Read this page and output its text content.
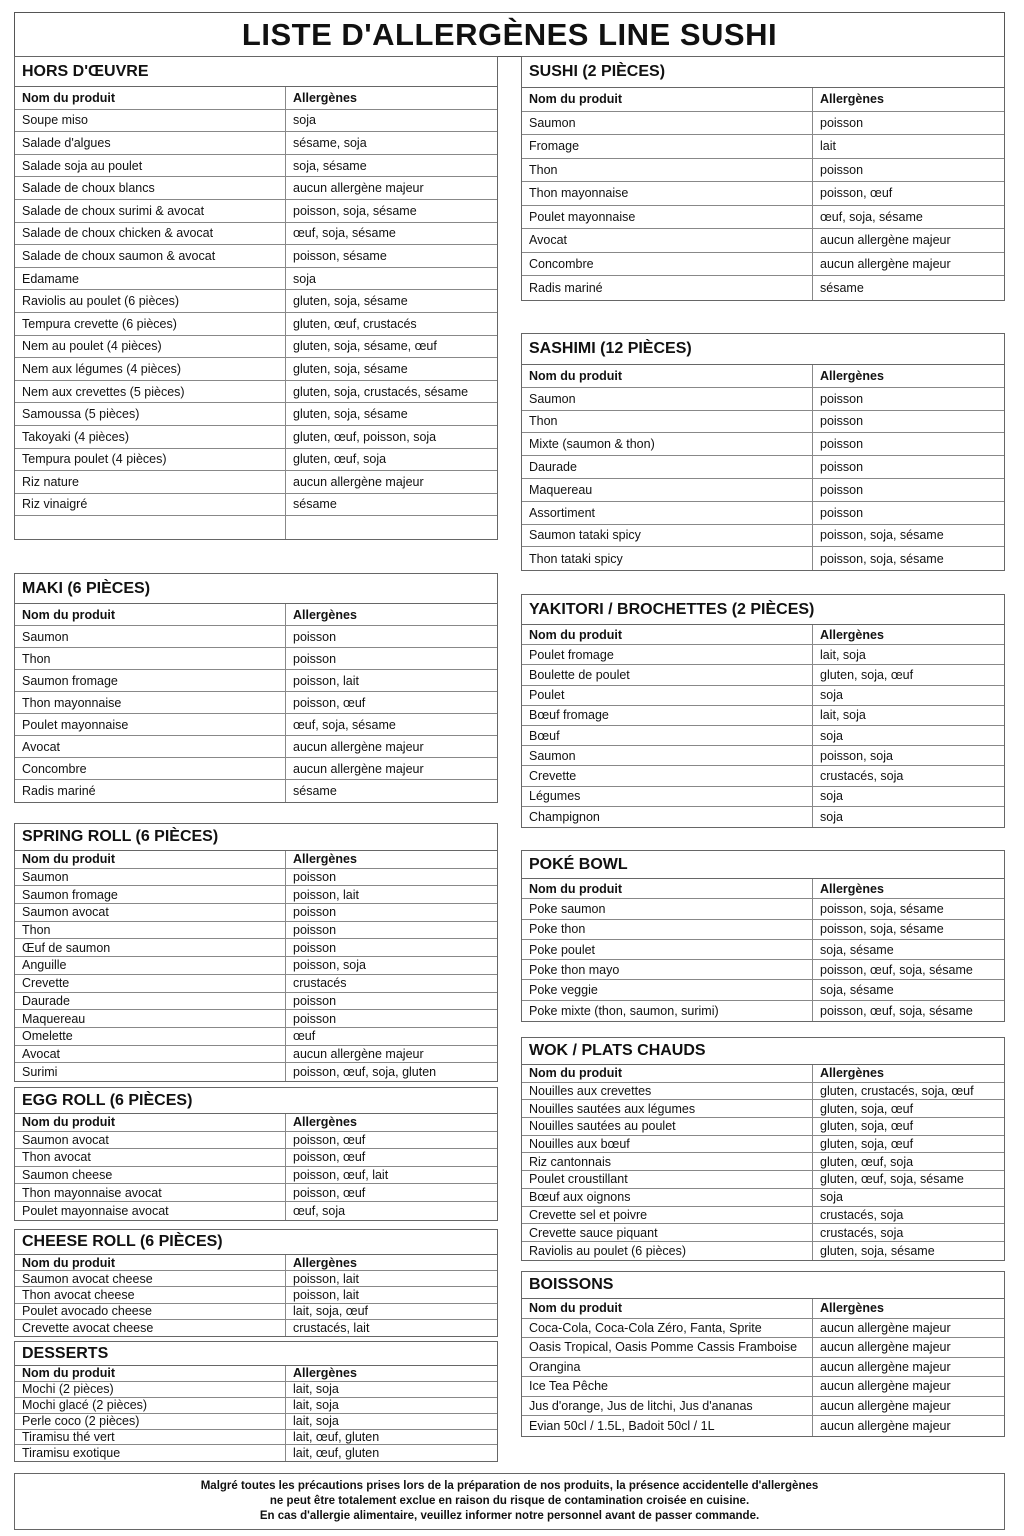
LISTE D'ALLERGÈNES LINE SUSHI
HORS D'ŒUVRE
Nom du produit	Allergènes
Soupe miso	soja
Salade d'algues	sésame, soja
Salade soja au poulet	soja, sésame
Salade de choux blancs	aucun allergène majeur
Salade de choux surimi & avocat	poisson, soja, sésame
Salade de choux chicken & avocat	œuf, soja, sésame
Salade de choux saumon & avocat	poisson, sésame
Edamame	soja
Raviolis au poulet (6 pièces)	gluten, soja, sésame
Tempura crevette (6 pièces)	gluten, œuf, crustacés
Nem au poulet (4 pièces)	gluten, soja, sésame, œuf
Nem aux légumes (4 pièces)	gluten, soja, sésame
Nem aux crevettes (5 pièces)	gluten, soja, crustacés, sésame
Samoussa (5 pièces)	gluten, soja, sésame
Takoyaki (4 pièces)	gluten, œuf, poisson, soja
Tempura poulet (4 pièces)	gluten, œuf, soja
Riz nature	aucun allergène majeur
Riz vinaigré	sésame
MAKI (6 PIÈCES)
Nom du produit	Allergènes
Saumon	poisson
Thon	poisson
Saumon fromage	poisson, lait
Thon mayonnaise	poisson, œuf
Poulet mayonnaise	œuf, soja, sésame
Avocat	aucun allergène majeur
Concombre	aucun allergène majeur
Radis mariné	sésame
SPRING ROLL (6 PIÈCES)
Nom du produit	Allergènes
Saumon	poisson
Saumon fromage	poisson, lait
Saumon avocat	poisson
Thon	poisson
Œuf de saumon	poisson
Anguille	poisson, soja
Crevette	crustacés
Daurade	poisson
Maquereau	poisson
Omelette	œuf
Avocat	aucun allergène majeur
Surimi	poisson, œuf, soja, gluten
EGG ROLL (6 PIÈCES)
Nom du produit	Allergènes
Saumon avocat	poisson, œuf
Thon avocat	poisson, œuf
Saumon cheese	poisson, œuf, lait
Thon mayonnaise avocat	poisson, œuf
Poulet mayonnaise avocat	œuf, soja
CHEESE ROLL (6 PIÈCES)
Nom du produit	Allergènes
Saumon avocat cheese	poisson, lait
Thon avocat cheese	poisson, lait
Poulet avocado cheese	lait, soja, œuf
Crevette avocat cheese	crustacés, lait
DESSERTS
Nom du produit	Allergènes
Mochi (2 pièces)	lait, soja
Mochi glacé (2 pièces)	lait, soja
Perle coco (2 pièces)	lait, soja
Tiramisu thé vert	lait, œuf, gluten
Tiramisu exotique	lait, œuf, gluten
SUSHI (2 PIÈCES)
Nom du produit	Allergènes
Saumon	poisson
Fromage	lait
Thon	poisson
Thon mayonnaise	poisson, œuf
Poulet mayonnaise	œuf, soja, sésame
Avocat	aucun allergène majeur
Concombre	aucun allergène majeur
Radis mariné	sésame
SASHIMI (12 PIÈCES)
Nom du produit	Allergènes
Saumon	poisson
Thon	poisson
Mixte (saumon & thon)	poisson
Daurade	poisson
Maquereau	poisson
Assortiment	poisson
Saumon tataki spicy	poisson, soja, sésame
Thon tataki spicy	poisson, soja, sésame
YAKITORI / BROCHETTES (2 PIÈCES)
Nom du produit	Allergènes
Poulet fromage	lait, soja
Boulette de poulet	gluten, soja, œuf
Poulet	soja
Bœuf fromage	lait, soja
Bœuf	soja
Saumon	poisson, soja
Crevette	crustacés, soja
Légumes	soja
Champignon	soja
POKÉ BOWL
Nom du produit	Allergènes
Poke saumon	poisson, soja, sésame
Poke thon	poisson, soja, sésame
Poke poulet	soja, sésame
Poke thon mayo	poisson, œuf, soja, sésame
Poke veggie	soja, sésame
Poke mixte (thon, saumon, surimi)	poisson, œuf, soja, sésame
WOK / PLATS CHAUDS
Nom du produit	Allergènes
Nouilles aux crevettes	gluten, crustacés, soja, œuf
Nouilles sautées aux légumes	gluten, soja, œuf
Nouilles sautées au poulet	gluten, soja, œuf
Nouilles aux bœuf	gluten, soja, œuf
Riz cantonnais	gluten, œuf, soja
Poulet croustillant	gluten, œuf, soja, sésame
Bœuf aux oignons	soja
Crevette sel et poivre	crustacés, soja
Crevette sauce piquant	crustacés, soja
Raviolis au poulet (6 pièces)	gluten, soja, sésame
BOISSONS
Nom du produit	Allergènes
Coca-Cola, Coca-Cola Zéro, Fanta, Sprite	aucun allergène majeur
Oasis Tropical, Oasis Pomme Cassis Framboise	aucun allergène majeur
Orangina	aucun allergène majeur
Ice Tea Pêche	aucun allergène majeur
Jus d'orange, Jus de litchi, Jus d'ananas	aucun allergène majeur
Evian 50cl / 1.5L, Badoit 50cl / 1L	aucun allergène majeur
Malgré toutes les précautions prises lors de la préparation de nos produits, la présence accidentelle d'allergènes
ne peut être totalement exclue en raison du risque de contamination croisée en cuisine.
En cas d'allergie alimentaire, veuillez informer notre personnel avant de passer commande.
